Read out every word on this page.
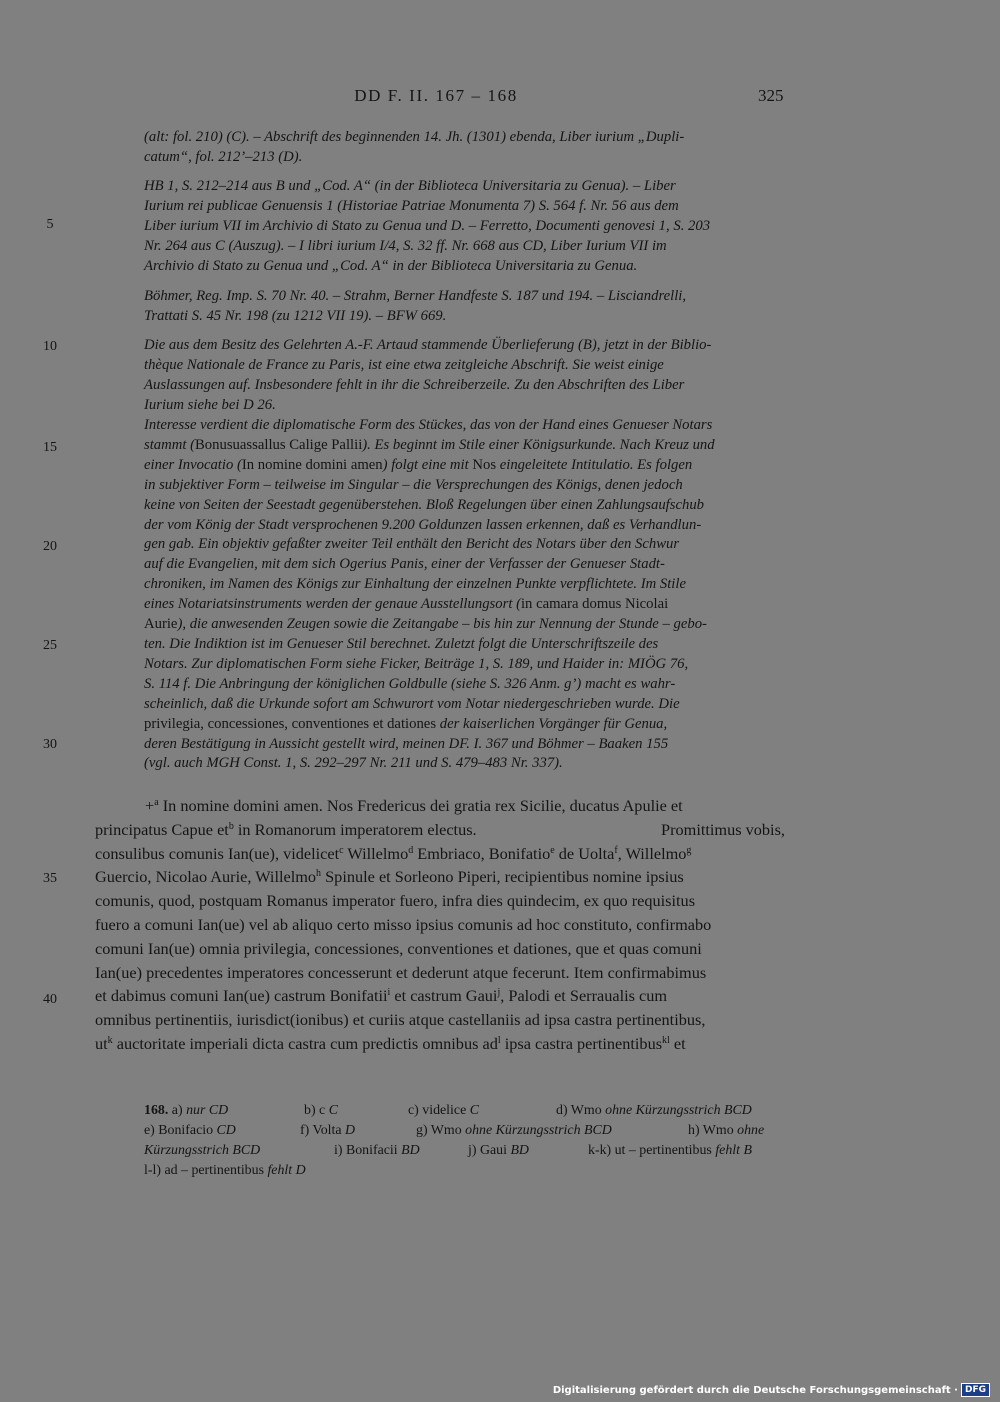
DD F. II. 167 – 168	325
5
10
15
20
25
30
35
40
(alt: fol. 210) (C). – Abschrift des beginnenden 14. Jh. (1301) ebenda, Liber iurium „Dupli-
catum“, fol. 212’–213 (D).
HB 1, S. 212–214 aus B und „Cod. A“ (in der Biblioteca Universitaria zu Genua). – Liber
Iurium rei publicae Genuensis 1 (Historiae Patriae Monumenta 7) S. 564 f. Nr. 56 aus dem
Liber iurium VII im Archivio di Stato zu Genua und D. – Ferretto, Documenti genovesi 1, S. 203
Nr. 264 aus C (Auszug). – I libri iurium I/4, S. 32 ff. Nr. 668 aus CD, Liber Iurium VII im
Archivio di Stato zu Genua und „Cod. A“ in der Biblioteca Universitaria zu Genua.
Böhmer, Reg. Imp. S. 70 Nr. 40. – Strahm, Berner Handfeste S. 187 und 194. – Lisciandrelli,
Trattati S. 45 Nr. 198 (zu 1212 VII 19). – BFW 669.
Die aus dem Besitz des Gelehrten A.-F. Artaud stammende Überlieferung (B), jetzt in der Biblio-
thèque Nationale de France zu Paris, ist eine etwa zeitgleiche Abschrift. Sie weist einige
Auslassungen auf. Insbesondere fehlt in ihr die Schreiberzeile. Zu den Abschriften des Liber
Iurium siehe bei D 26.
Interesse verdient die diplomatische Form des Stückes, das von der Hand eines Genueser Notars
stammt (Bonusuassallus Calige Pallii). Es beginnt im Stile einer Königsurkunde. Nach Kreuz und
einer Invocatio (In nomine domini amen) folgt eine mit Nos eingeleitete Intitulatio. Es folgen
in subjektiver Form – teilweise im Singular – die Versprechungen des Königs, denen jedoch
keine von Seiten der Seestadt gegenüberstehen. Bloß Regelungen über einen Zahlungsaufschub
der vom König der Stadt versprochenen 9.200 Goldunzen lassen erkennen, daß es Verhandlun-
gen gab. Ein objektiv gefaßter zweiter Teil enthält den Bericht des Notars über den Schwur
auf die Evangelien, mit dem sich Ogerius Panis, einer der Verfasser der Genueser Stadt-
chroniken, im Namen des Königs zur Einhaltung der einzelnen Punkte verpflichtete. Im Stile
eines Notariatsinstruments werden der genaue Ausstellungsort (in camara domus Nicolai
Aurie), die anwesenden Zeugen sowie die Zeitangabe – bis hin zur Nennung der Stunde – gebo-
ten. Die Indiktion ist im Genueser Stil berechnet. Zuletzt folgt die Unterschriftszeile des
Notars. Zur diplomatischen Form siehe Ficker, Beiträge 1, S. 189, und Haider in: MIÖG 76,
S. 114 f. Die Anbringung der königlichen Goldbulle (siehe S. 326 Anm. g’) macht es wahr-
scheinlich, daß die Urkunde sofort am Schwurort vom Notar niedergeschrieben wurde. Die
privilegia, concessiones, conventiones et dationes der kaiserlichen Vorgänger für Genua,
deren Bestätigung in Aussicht gestellt wird, meinen DF. I. 367 und Böhmer – Baaken 155
(vgl. auch MGH Const. 1, S. 292–297 Nr. 211 und S. 479–483 Nr. 337).
+$^a$ In nomine domini amen. Nos Fredericus dei gratia rex Sicilie, ducatus Apulie et
principatus Capue $et^b$ in Romanorum imperatorem electus.	Promittimus vobis,
consulibus comunis Ian(ue), videlicet$^c$ Willelmo$^d$ Embriaco, Bonifatio$^e$ de Uolta$^f$, Willelmo$^g$
Guercio, Nicolao Aurie, Willelmo$^h$ Spinule et Sorleono Piperi, recipientibus nomine ipsius
comunis, quod, postquam Romanus imperator fuero, infra dies quindecim, ex quo requisitus
fuero a comuni Ian(ue) vel ab aliquo certo misso ipsius comunis ad hoc constituto, confirmabo
comuni Ian(ue) omnia privilegia, concessiones, conventiones et dationes, que et quas comuni
Ian(ue) precedentes imperatores concesserunt et dederunt atque fecerunt. Item confirmabimus
et dabimus comuni Ian(ue) castrum Bonifatii$^i$ et castrum Gaui$^j$, Palodi et Serraualis cum
omnibus pertinentiis, iurisdict(ionibus) et curiis atque castellaniis ad ipsa castra pertinentibus,
$ut^k$ auctoritate imperiali dicta castra cum predictis omnibus $ad^l$ ipsa castra pertinentibus$^{kl}$ et
168. a) nur CD	b) c C	c) videlice C	d) Wmo ohne Kürzungsstrich BCD
e) Bonifacio CD	f) Volta D	g) Wmo ohne Kürzungsstrich BCD	h) Wmo ohne
Kürzungsstrich BCD	i) Bonifacii BD	j) Gaui BD	k-k) ut – pertinentibus fehlt B
l-l) ad – pertinentibus fehlt D
Digitalisierung gefördert durch die Deutsche Forschungsgemeinschaft · DFG
